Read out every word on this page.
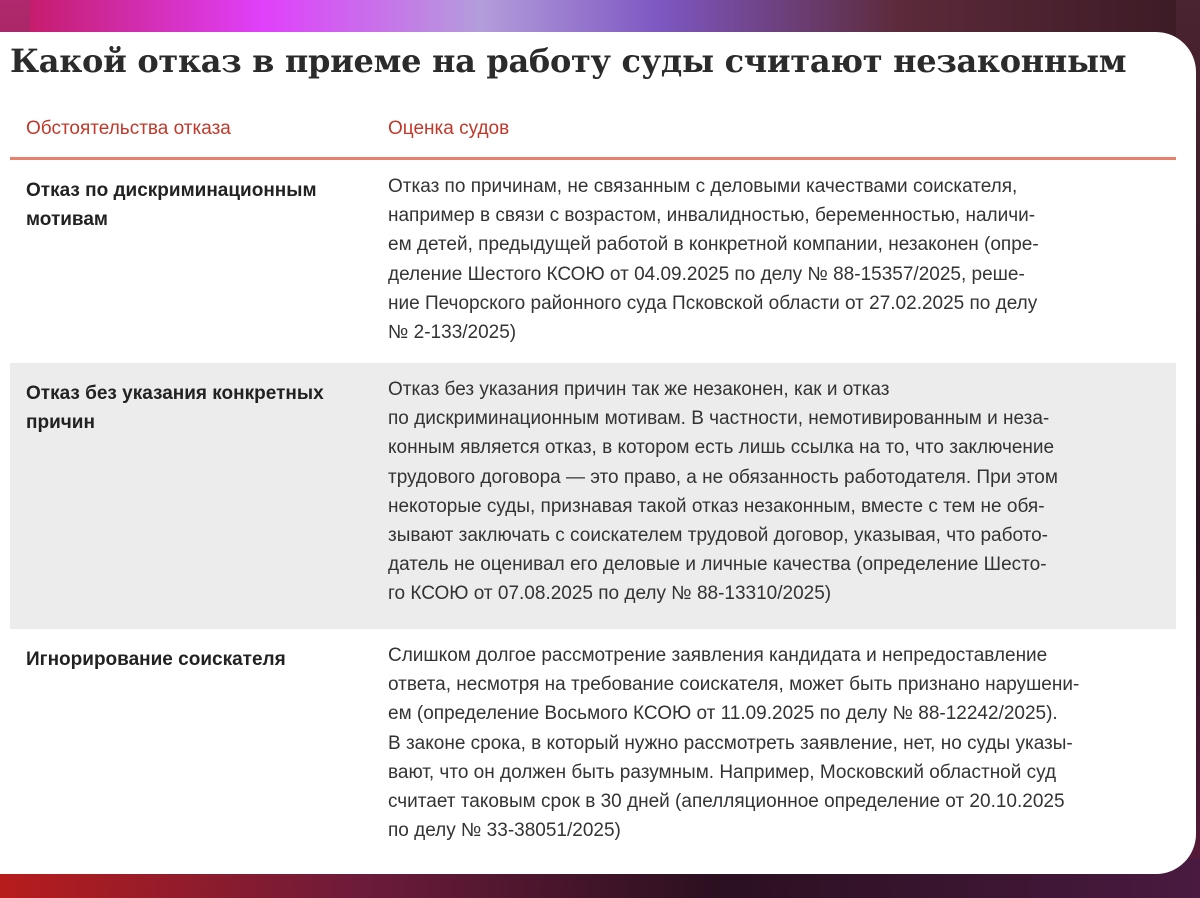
Какой отказ в приеме на работу суды считают незаконным
Обстоятельства отказа	Оценка судов
Отказ по дискриминационным
мотивам
Отказ по причинам, не связанным с деловыми качествами соискателя,
например в связи с возрастом, инвалидностью, беременностью, наличи-
ем детей, предыдущей работой в конкретной компании, незаконен (опре-
деление Шестого КСОЮ от 04.09.2025 по делу № 88-15357/2025, реше-
ние Печорского районного суда Псковской области от 27.02.2025 по делу
№ 2-133/2025)
Отказ без указания конкретных
причин
Отказ без указания причин так же незаконен, как и отказ
по дискриминационным мотивам. В частности, немотивированным и неза-
конным является отказ, в котором есть лишь ссылка на то, что заключение
трудового договора — это право, а не обязанность работодателя. При этом
некоторые суды, признавая такой отказ незаконным, вместе с тем не обя-
зывают заключать с соискателем трудовой договор, указывая, что работо-
датель не оценивал его деловые и личные качества (определение Шесто-
го КСОЮ от 07.08.2025 по делу № 88-13310/2025)
Игнорирование соискателя	Слишком долгое рассмотрение заявления кандидата и непредоставление
ответа, несмотря на требование соискателя, может быть признано нарушени-
ем (определение Восьмого КСОЮ от 11.09.2025 по делу № 88-12242/2025).
В законе срока, в который нужно рассмотреть заявление, нет, но суды указы-
вают, что он должен быть разумным. Например, Московский областной суд
считает таковым срок в 30 дней (апелляционное определение от 20.10.2025
по делу № 33-38051/2025)
